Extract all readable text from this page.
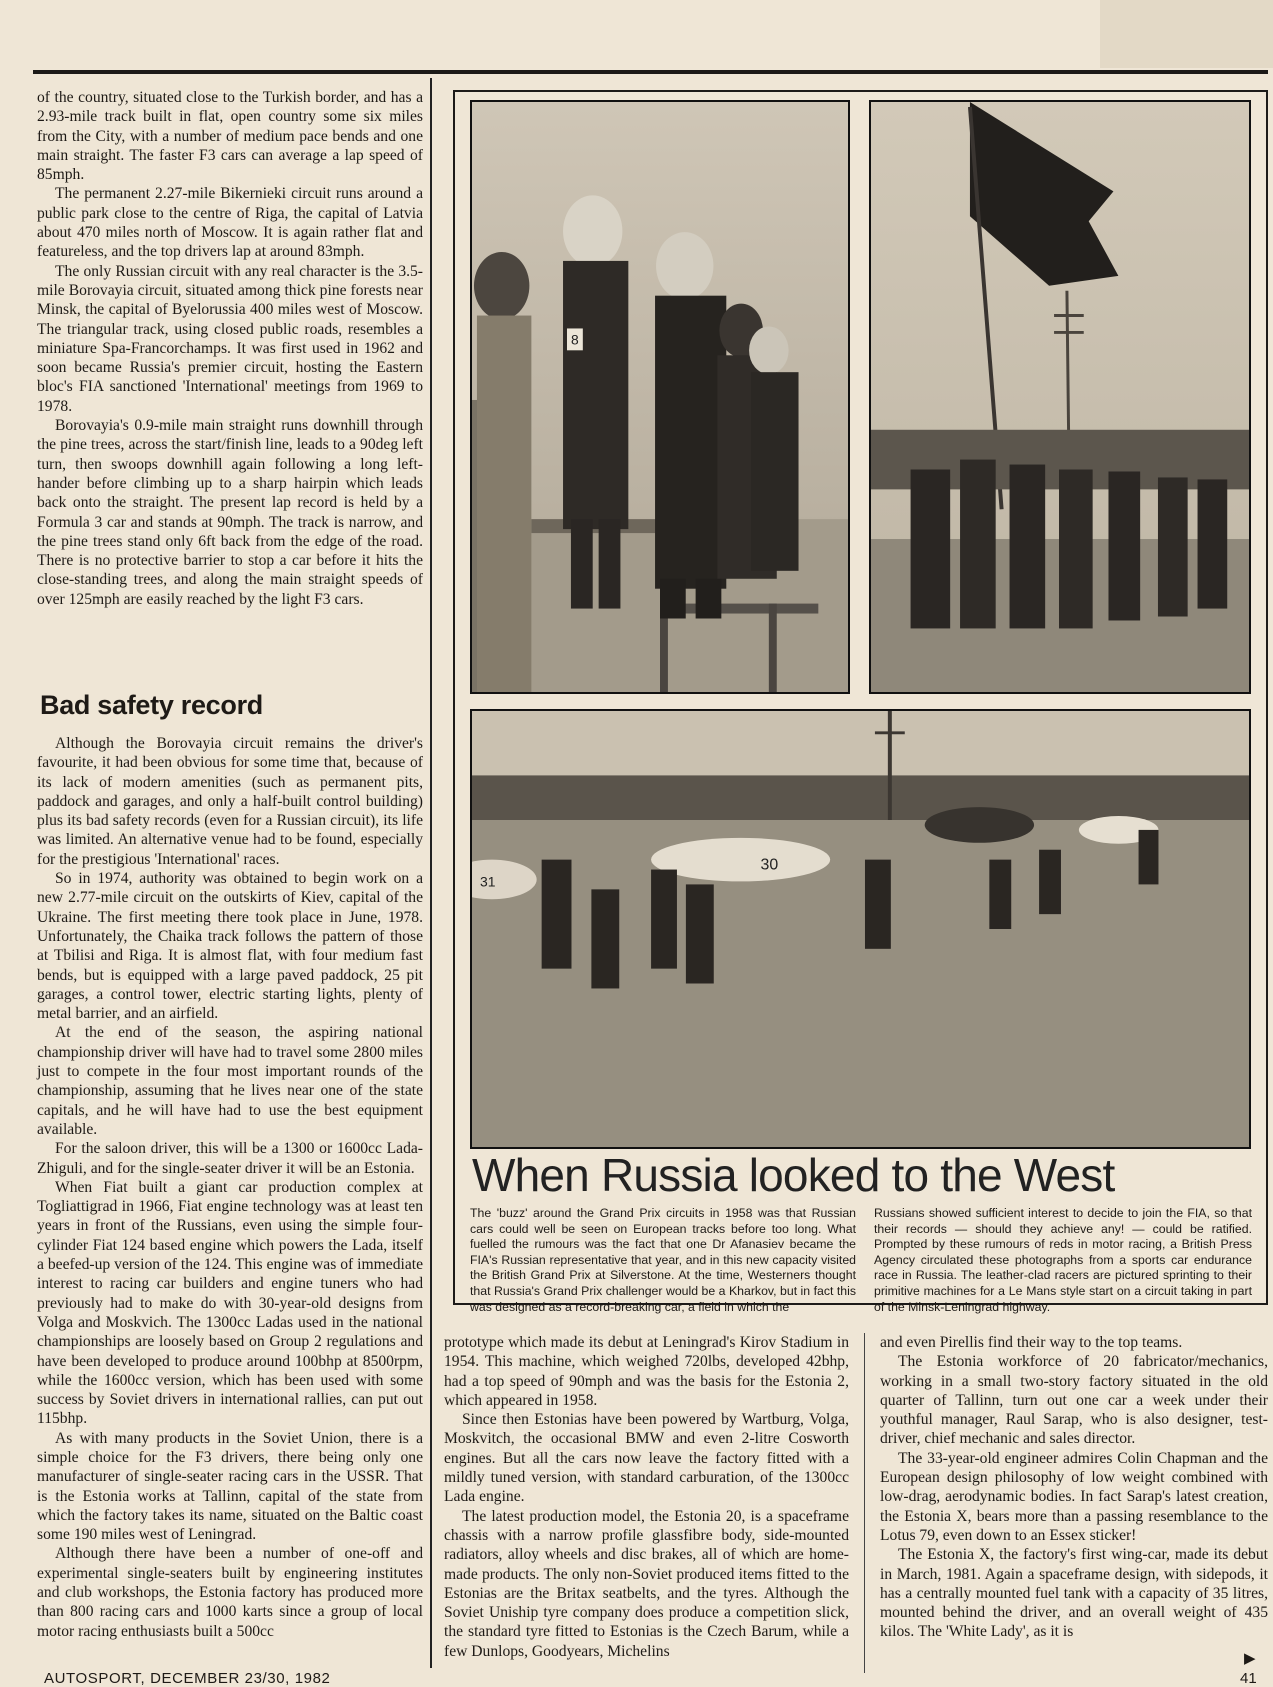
of the country, situated close to the Turkish border, and has a 2.93-mile track built in flat, open country some six miles from the City, with a number of medium pace bends and one main straight. The faster F3 cars can average a lap speed of 85mph.

The permanent 2.27-mile Bikernieki circuit runs around a public park close to the centre of Riga, the capital of Latvia about 470 miles north of Moscow. It is again rather flat and featureless, and the top drivers lap at around 83mph.

The only Russian circuit with any real character is the 3.5-mile Borovayia circuit, situated among thick pine forests near Minsk, the capital of Byelorussia 400 miles west of Moscow. The triangular track, using closed public roads, resembles a miniature Spa-Francorchamps. It was first used in 1962 and soon became Russia's premier circuit, hosting the Eastern bloc's FIA sanctioned 'International' meetings from 1969 to 1978.

Borovayia's 0.9-mile main straight runs downhill through the pine trees, across the start/finish line, leads to a 90deg left turn, then swoops downhill again following a long left-hander before climbing up to a sharp hairpin which leads back onto the straight. The present lap record is held by a Formula 3 car and stands at 90mph. The track is narrow, and the pine trees stand only 6ft back from the edge of the road. There is no protective barrier to stop a car before it hits the close-standing trees, and along the main straight speeds of over 125mph are easily reached by the light F3 cars.

Bad safety record

Although the Borovayia circuit remains the driver's favourite, it had been obvious for some time that, because of its lack of modern amenities (such as permanent pits, paddock and garages, and only a half-built control building) plus its bad safety records (even for a Russian circuit), its life was limited. An alternative venue had to be found, especially for the prestigious 'International' races.

So in 1974, authority was obtained to begin work on a new 2.77-mile circuit on the outskirts of Kiev, capital of the Ukraine. The first meeting there took place in June, 1978. Unfortunately, the Chaika track follows the pattern of those at Tbilisi and Riga. It is almost flat, with four medium fast bends, but is equipped with a large paved paddock, 25 pit garages, a control tower, electric starting lights, plenty of metal barrier, and an airfield.

At the end of the season, the aspiring national championship driver will have had to travel some 2800 miles just to compete in the four most important rounds of the championship, assuming that he lives near one of the state capitals, and he will have had to use the best equipment available.

For the saloon driver, this will be a 1300 or 1600cc Lada-Zhiguli, and for the single-seater driver it will be an Estonia.

When Fiat built a giant car production complex at Togliattigrad in 1966, Fiat engine technology was at least ten years in front of the Russians, even using the simple four-cylinder Fiat 124 based engine which powers the Lada, itself a beefed-up version of the 124. This engine was of immediate interest to racing car builders and engine tuners who had previously had to make do with 30-year-old designs from Volga and Moskvich. The 1300cc Ladas used in the national championships are loosely based on Group 2 regulations and have been developed to produce around 100bhp at 8500rpm, while the 1600cc version, which has been used with some success by Soviet drivers in international rallies, can put out 115bhp.

As with many products in the Soviet Union, there is a simple choice for the F3 drivers, there being only one manufacturer of single-seater racing cars in the USSR. That is the Estonia works at Tallinn, capital of the state from which the factory takes its name, situated on the Baltic coast some 190 miles west of Leningrad.

Although there have been a number of one-off and experimental single-seaters built by engineering institutes and club workshops, the Estonia factory has produced more than 800 racing cars and 1000 karts since a group of local motor racing enthusiasts built a 500cc

8
30
31
When Russia looked to the West
The 'buzz' around the Grand Prix circuits in 1958 was that Russian cars could well be seen on European tracks before too long. What fuelled the rumours was the fact that one Dr Afanasiev became the FIA's Russian representative that year, and in this new capacity visited the British Grand Prix at Silverstone. At the time, Westerners thought that Russia's Grand Prix challenger would be a Kharkov, but in fact this was designed as a record-breaking car, a field in which the
Russians showed sufficient interest to decide to join the FIA, so that their records — should they achieve any! — could be ratified. Prompted by these rumours of reds in motor racing, a British Press Agency circulated these photographs from a sports car endurance race in Russia. The leather-clad racers are pictured sprinting to their primitive machines for a Le Mans style start on a circuit taking in part of the Minsk-Leningrad highway.

prototype which made its debut at Leningrad's Kirov Stadium in 1954. This machine, which weighed 720lbs, developed 42bhp, had a top speed of 90mph and was the basis for the Estonia 2, which appeared in 1958.

Since then Estonias have been powered by Wartburg, Volga, Moskvitch, the occasional BMW and even 2-litre Cosworth engines. But all the cars now leave the factory fitted with a mildly tuned version, with standard carburation, of the 1300cc Lada engine.

The latest production model, the Estonia 20, is a spaceframe chassis with a narrow profile glassfibre body, side-mounted radiators, alloy wheels and disc brakes, all of which are home-made products. The only non-Soviet produced items fitted to the Estonias are the Britax seatbelts, and the tyres. Although the Soviet Uniship tyre company does produce a competition slick, the standard tyre fitted to Estonias is the Czech Barum, while a few Dunlops, Goodyears, Michelins

and even Pirellis find their way to the top teams.

The Estonia workforce of 20 fabricator/mechanics, working in a small two-story factory situated in the old quarter of Tallinn, turn out one car a week under their youthful manager, Raul Sarap, who is also designer, test-driver, chief mechanic and sales director.

The 33-year-old engineer admires Colin Chapman and the European design philosophy of low weight combined with low-drag, aerodynamic bodies. In fact Sarap's latest creation, the Estonia X, bears more than a passing resemblance to the Lotus 79, even down to an Essex sticker!

The Estonia X, the factory's first wing-car, made its debut in March, 1981. Again a spaceframe design, with sidepods, it has a centrally mounted fuel tank with a capacity of 35 litres, mounted behind the driver, and an overall weight of 435 kilos. The 'White Lady', as it is

▶
AUTOSPORT, DECEMBER 23/30, 1982	41
